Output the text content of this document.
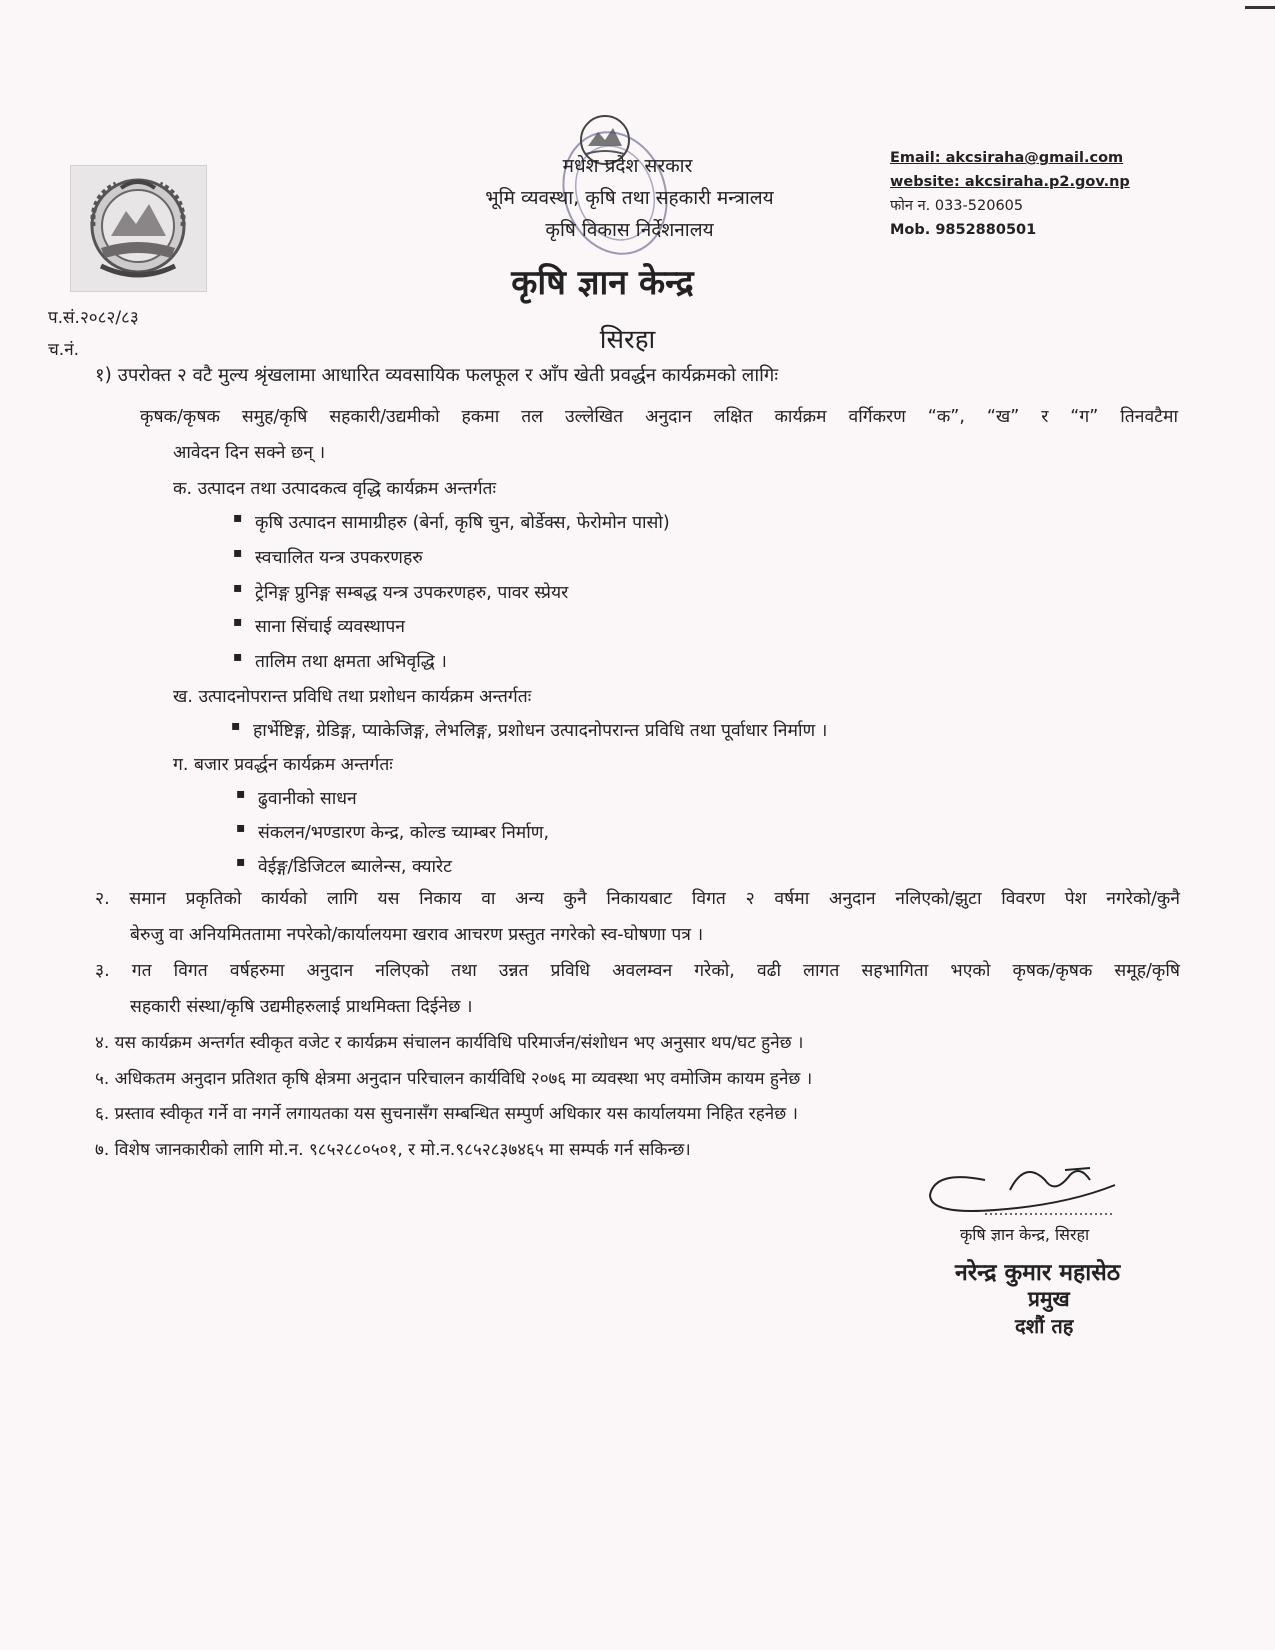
मधेश प्रदेश सरकार
भूमि व्यवस्था, कृषि तथा सहकारी मन्त्रालय
कृषि विकास निर्देशनालय
कृषि ज्ञान केन्द्र
सिरहा
Email: akcsiraha@gmail.com
website: akcsiraha.p2.gov.np
फोन न. 033-520605
Mob. 9852880501
प.सं.२०८२/८३
च.नं.
१) उपरोक्त २ वटै मुल्य श्रृंखलामा आधारित व्यवसायिक फलफूल र आँप खेती प्रवर्द्धन कार्यक्रमको लागिः
कृषक/कृषक समुह/कृषि सहकारी/उद्यमीको हकमा तल उल्लेखित अनुदान लक्षित कार्यक्रम वर्गिकरण “क”, “ख” र “ग” तिनवटैमा
आवेदन दिन सक्ने छन् ।
क. उत्पादन तथा उत्पादकत्व वृद्धि कार्यक्रम अन्तर्गतः
▪ कृषि उत्पादन सामाग्रीहरु (बेर्ना, कृषि चुन, बोर्डेक्स, फेरोमोन पासो)
▪ स्वचालित यन्त्र उपकरणहरु
▪ ट्रेनिङ्ग प्रुनिङ्ग सम्बद्ध यन्त्र उपकरणहरु, पावर स्प्रेयर
▪ साना सिंचाई व्यवस्थापन
▪ तालिम तथा क्षमता अभिवृद्धि ।
ख. उत्पादनोपरान्त प्रविधि तथा प्रशोधन कार्यक्रम अन्तर्गतः
▪ हार्भेष्टिङ्ग, ग्रेडिङ्ग, प्याकेजिङ्ग, लेभलिङ्ग, प्रशोधन उत्पादनोपरान्त प्रविधि तथा पूर्वाधार निर्माण ।
ग. बजार प्रवर्द्धन कार्यक्रम अन्तर्गतः
▪ ढुवानीको साधन
▪ संकलन/भण्डारण केन्द्र, कोल्ड च्याम्बर निर्माण,
▪ वेईङ्ग/डिजिटल ब्यालेन्स, क्यारेट
२. समान प्रकृतिको कार्यको लागि यस निकाय वा अन्य कुनै निकायबाट विगत २ वर्षमा अनुदान नलिएको/झुटा विवरण पेश नगरेको/कुनै
बेरुजु वा अनियमिततामा नपरेको/कार्यालयमा खराव आचरण प्रस्तुत नगरेको स्व-घोषणा पत्र ।
३. गत विगत वर्षहरुमा अनुदान नलिएको तथा उन्नत प्रविधि अवलम्वन गरेको, वढी लागत सहभागिता भएको कृषक/कृषक समूह/कृषि
सहकारी संस्था/कृषि उद्यमीहरुलाई प्राथमिक्ता दिईनेछ ।
४. यस कार्यक्रम अन्तर्गत स्वीकृत वजेट र कार्यक्रम संचालन कार्यविधि परिमार्जन/संशोधन भए अनुसार थप/घट हुनेछ ।
५. अधिकतम अनुदान प्रतिशत कृषि क्षेत्रमा अनुदान परिचालन कार्यविधि २०७६ मा व्यवस्था भए वमोजिम कायम हुनेछ ।
६. प्रस्ताव स्वीकृत गर्ने वा नगर्ने लगायतका यस सुचनासँग सम्बन्धित सम्पुर्ण अधिकार यस कार्यालयमा निहित रहनेछ ।
७. विशेष जानकारीको लागि मो.न. ९८५२८८०५०१, र मो.न.९८५२८३७४६५ मा सम्पर्क गर्न सकिन्छ।
कृषि ज्ञान केन्द्र, सिरहा
नरेन्द्र कुमार महासेठ
प्रमुख
दशौं तह
